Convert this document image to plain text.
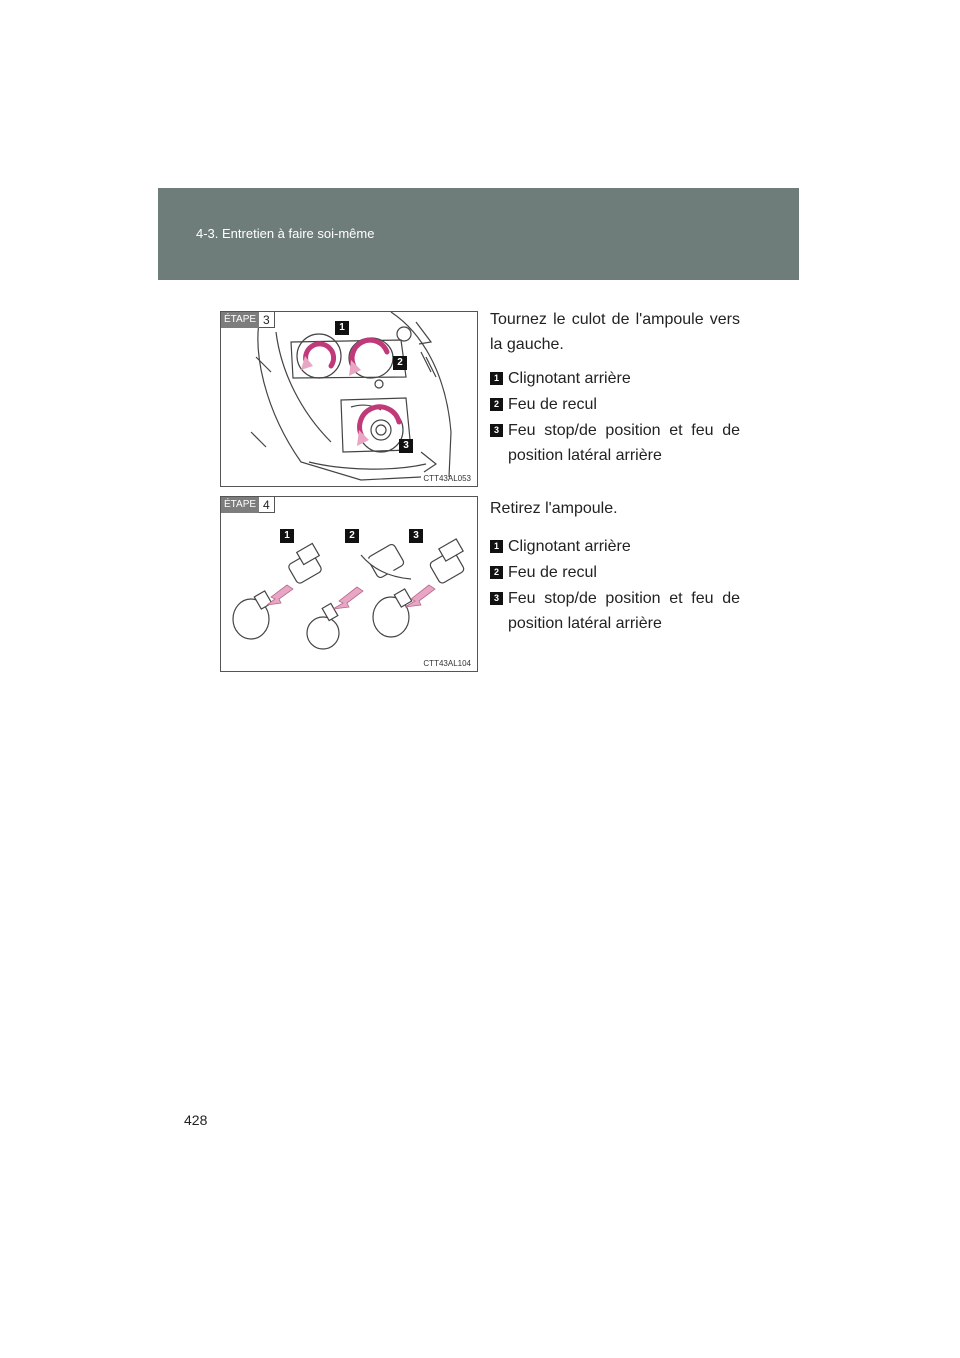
4-3. Entretien à faire soi-même
ÉTAPE 3
1
2
3
CTT43AL053
ÉTAPE 4
1	2	3
CTT43AL104

Tournez le culot de l'ampoule vers la gauche.

1 Clignotant arrière
2 Feu de recul
3 Feu stop/de position et feu de position latéral arrière

Retirez l'ampoule.

1 Clignotant arrière
2 Feu de recul
3 Feu stop/de position et feu de position latéral arrière
428
